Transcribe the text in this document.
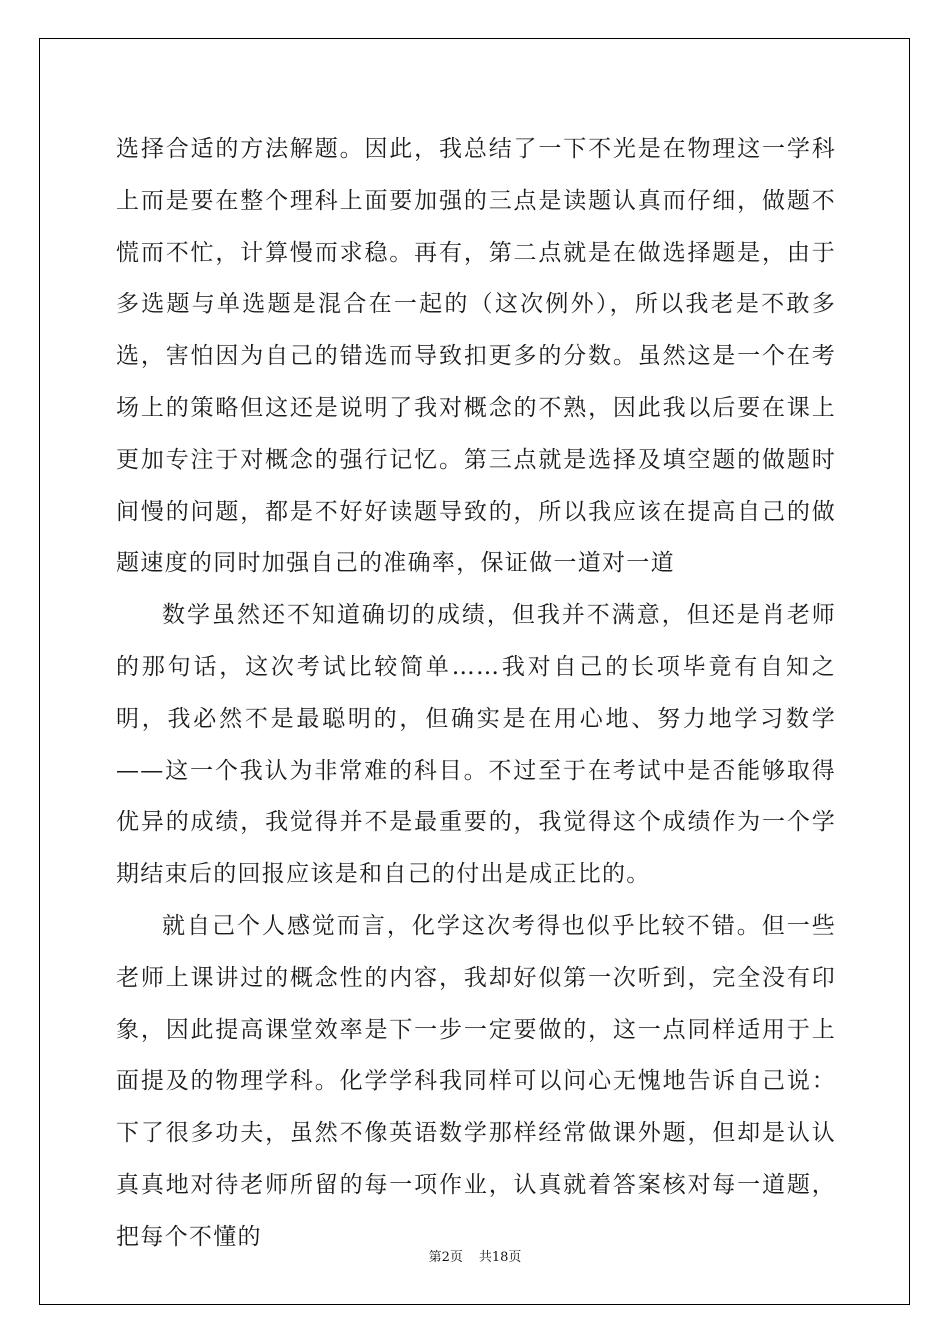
选择合适的方法解题。因此，我总结了一下不光是在物理这一学科上而是要在整个理科上面要加强的三点是读题认真而仔细，做题不慌而不忙，计算慢而求稳。再有，第二点就是在做选择题是，由于多选题与单选题是混合在一起的（这次例外），所以我老是不敢多选，害怕因为自己的错选而导致扣更多的分数。虽然这是一个在考场上的策略但这还是说明了我对概念的不熟，因此我以后要在课上更加专注于对概念的强行记忆。第三点就是选择及填空题的做题时间慢的问题，都是不好好读题导致的，所以我应该在提高自己的做题速度的同时加强自己的准确率，保证做一道对一道

数学虽然还不知道确切的成绩，但我并不满意，但还是肖老师的那句话，这次考试比较简单……我对自己的长项毕竟有自知之明，我必然不是最聪明的，但确实是在用心地、努力地学习数学——这一个我认为非常难的科目。不过至于在考试中是否能够取得优异的成绩，我觉得并不是最重要的，我觉得这个成绩作为一个学期结束后的回报应该是和自己的付出是成正比的。

就自己个人感觉而言，化学这次考得也似乎比较不错。但一些老师上课讲过的概念性的内容，我却好似第一次听到，完全没有印象，因此提高课堂效率是下一步一定要做的，这一点同样适用于上面提及的物理学科。化学学科我同样可以问心无愧地告诉自己说：下了很多功夫，虽然不像英语数学那样经常做课外题，但却是认认真真地对待老师所留的每一项作业，认真就着答案核对每一道题，把每个不懂的

第2页 共18页
